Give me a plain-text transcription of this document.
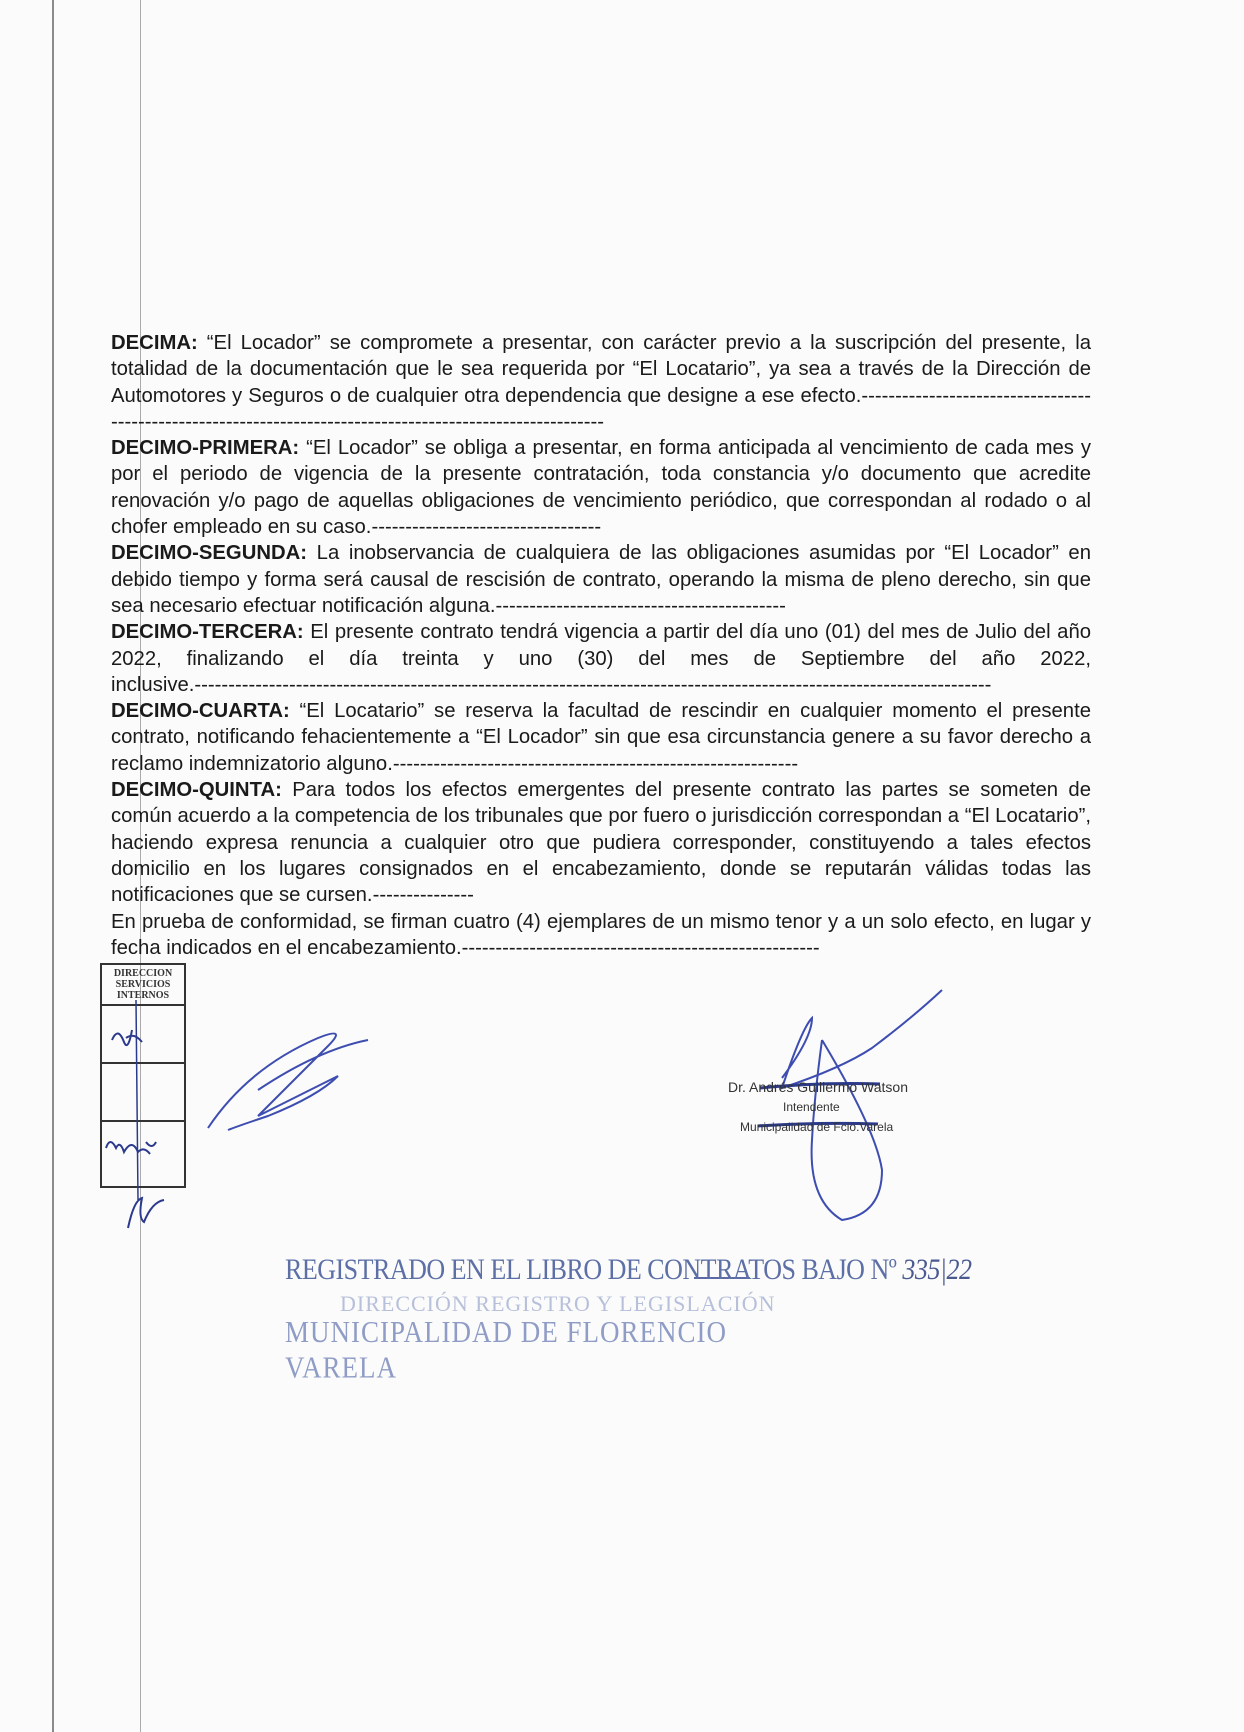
DECIMA: “El Locador” se compromete a presentar, con carácter previo a la suscripción del presente, la totalidad de la documentación que le sea requerida por “El Locatario”, ya sea a través de la Dirección de Automotores y Seguros o de cualquier otra dependencia que designe a ese efecto.-----------------------------------------------------------------------------------------------------------

DECIMO-PRIMERA: “El Locador” se obliga a presentar, en forma anticipada al vencimiento de cada mes y por el periodo de vigencia de la presente contratación, toda constancia y/o documento que acredite renovación y/o pago de aquellas obligaciones de vencimiento periódico, que correspondan al rodado o al chofer empleado en su caso.----------------------------------

DECIMO-SEGUNDA: La inobservancia de cualquiera de las obligaciones asumidas por “El Locador” en debido tiempo y forma será causal de rescisión de contrato, operando la misma de pleno derecho, sin que sea necesario efectuar notificación alguna.-------------------------------------------

DECIMO-TERCERA: El presente contrato tendrá vigencia a partir del día uno (01) del mes de Julio del año 2022, finalizando el día treinta y uno (30) del mes de Septiembre del año 2022, inclusive.----------------------------------------------------------------------------------------------------------------------

DECIMO-CUARTA: “El Locatario” se reserva la facultad de rescindir en cualquier momento el presente contrato, notificando fehacientemente a “El Locador” sin que esa circunstancia genere a su favor derecho a reclamo indemnizatorio alguno.------------------------------------------------------------

DECIMO-QUINTA: Para todos los efectos emergentes del presente contrato las partes se someten de común acuerdo a la competencia de los tribunales que por fuero o jurisdicción correspondan a “El Locatario”, haciendo expresa renuncia a cualquier otro que pudiera corresponder, constituyendo a tales efectos domicilio en los lugares consignados en el encabezamiento, donde se reputarán válidas todas las notificaciones que se cursen.---------------

En prueba de conformidad, se firman cuatro (4) ejemplares de un mismo tenor y a un solo efecto, en lugar y fecha indicados en el encabezamiento.-----------------------------------------------------

DIRECCION SERVICIOS INTERNOS
Dr. Andrés Guillermo Watson
Intendente
Municipalidad de Fcio.Varela
REGISTRADO EN EL LIBRO DE CONTRATOS BAJO Nº 335|22
DIRECCIÓN REGISTRO Y LEGISLACIÓN
MUNICIPALIDAD DE FLORENCIO VARELA
